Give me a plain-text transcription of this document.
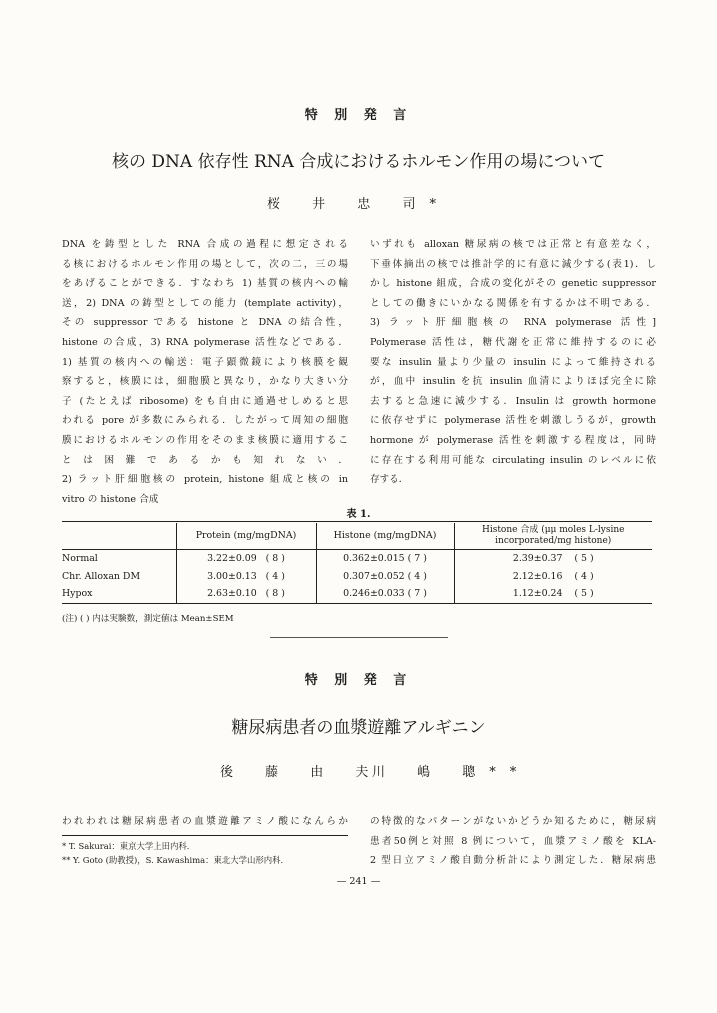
特 別 発 言
核の DNA 依存性 RNA 合成におけるホルモン作用の場について
桜 井 忠 司*
DNA を鋳型とした RNA 合成の過程に想定される
る核におけるホルモン作用の場として，次の二，三の場
をあげることができる．すなわち 1) 基質の核内への輸
送，2) DNA の鋳型としての能力 (template activity)，
その suppressor である histone と DNA の結合性，
histone の合成，3) RNA polymerase 活性などである．
1) 基質の核内への輸送：電子顕微鏡により核膜を観
察すると，核膜には，細胞膜と異なり，かなり大きい分
子 (たとえば ribosome) をも自由に通過せしめると思
われる pore が多数にみられる．したがって周知の細胞
膜におけるホルモンの作用をそのまま核膜に適用するこ
とは困難であるかも知れない．
2) ラット肝細胞核の protein, histone 組成と核の in
vitro の histone 合成
いずれも alloxan 糖尿病の核では正常と有意差なく，
下垂体摘出の核では推計学的に有意に減少する(表1)．し
かし histone 組成，合成の変化がその genetic suppressor
としての働きにいかなる関係を有するかは不明である．
3) ラット肝細胞核の RNA polymerase 活性]
Polymerase 活性は，糖代謝を正常に維持するのに必
要な insulin 量より少量の insulin によって維持される
が，血中 insulin を抗 insulin 血清によりほぼ完全に除
去すると急速に減少する．Insulin は growth hormone
に依存せずに polymerase 活性を刺激しうるが，growth
hormone が polymerase 活性を刺激する程度は，同時
に存在する利用可能な circulating insulin のレベルに依
存する．
表 1.
	Protein (mg/mgDNA)	Histone (mg/mgDNA)	Histone 合成 (μμ moles L-lysine incorporated/mg histone)
Normal	3.22±0.09 ( 8 )	0.362±0.015 ( 7 )	2.39±0.37 ( 5 )
Chr. Alloxan DM	3.00±0.13 ( 4 )	0.307±0.052 ( 4 )	2.12±0.16 ( 4 )
Hypox	2.63±0.10 ( 8 )	0.246±0.033 ( 7 )	1.12±0.24 ( 5 )
(注) ( ) 内は実験数，測定値は Mean±SEM
特 別 発 言
糖尿病患者の血漿遊離アルギニン
後 藤 由 夫
川 嶋 聰**
われわれは糖尿病患者の血漿遊離アミノ酸になんらか
* T. Sakurai：東京大学上田内科．
** Y. Goto (助教授)，S. Kawashima：東北大学山形内科．
の特徴的なパターンがないかどうか知るために，糖尿病
患者50例と対照 8 例について，血漿アミノ酸を KLA-
2 型日立アミノ酸自動分析計により測定した．糖尿病患
— 241 —
